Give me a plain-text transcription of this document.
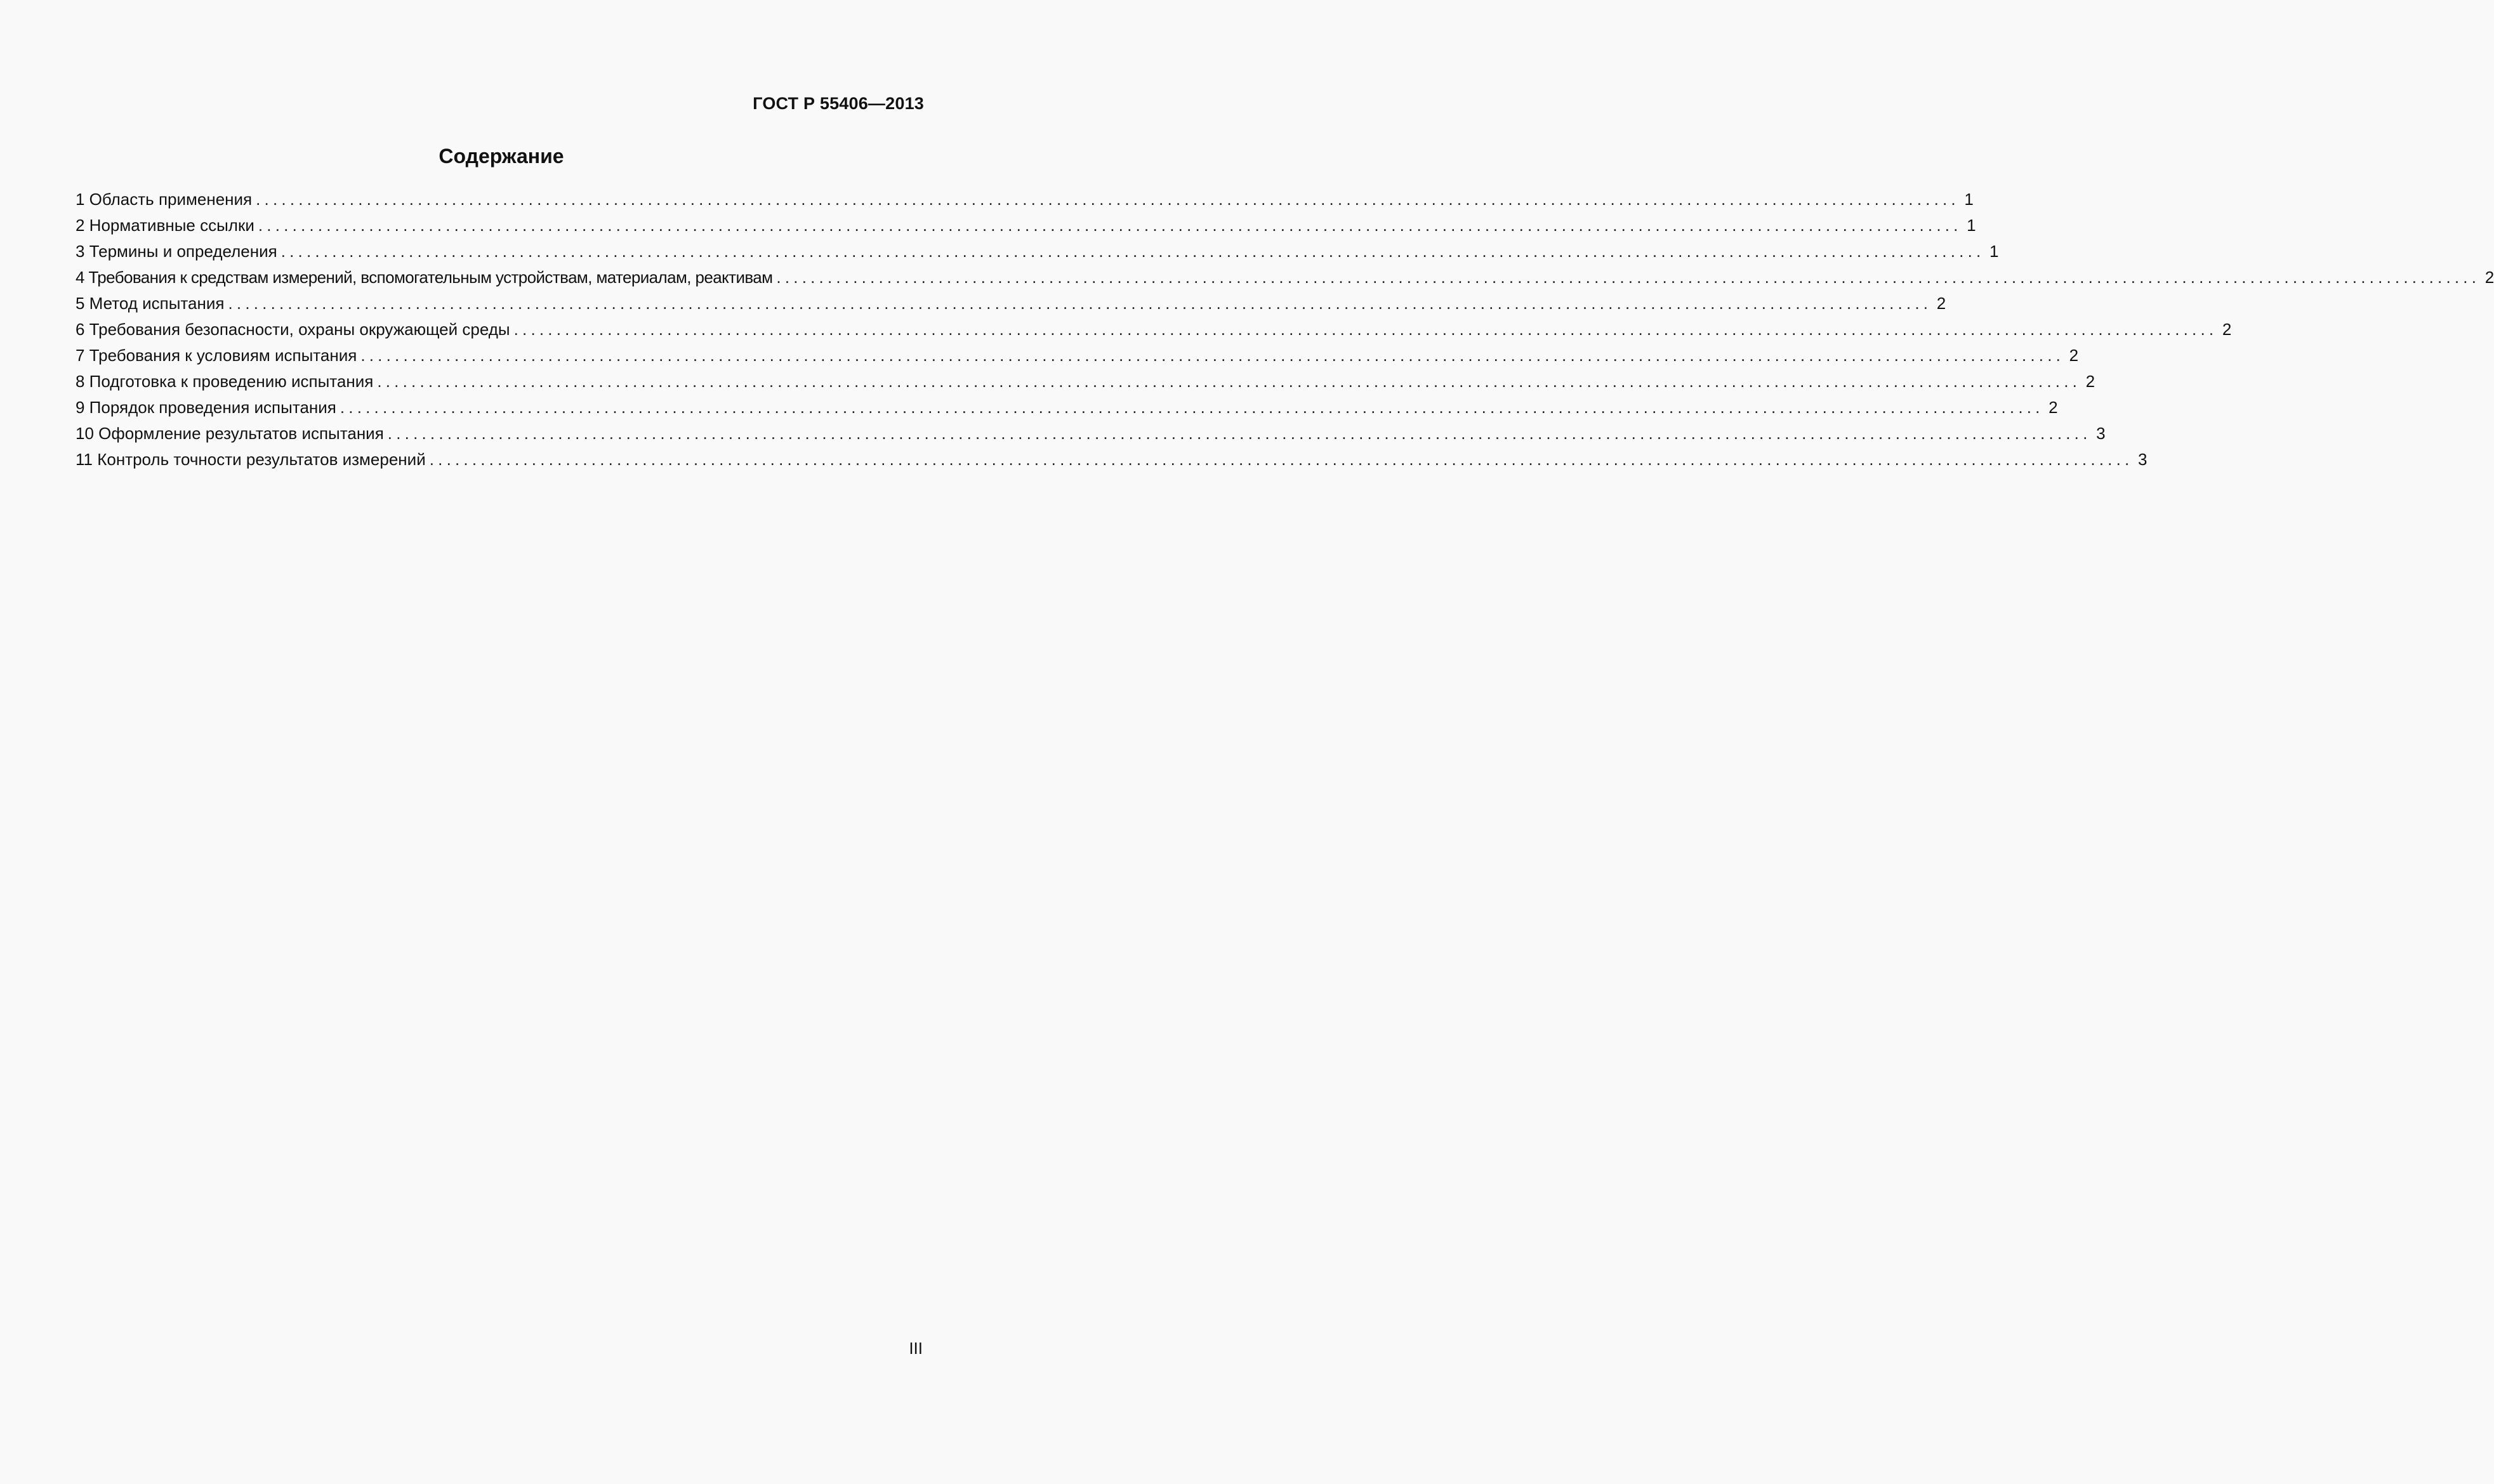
ГОСТ Р 55406—2013
Содержание
1 Область применения ........................................................................................................................................................................................................ 1
2 Нормативные ссылки ........................................................................................................................................................................................................ 1
3 Термины и определения ........................................................................................................................................................................................................ 1
4 Требования к средствам измерений, вспомогательным устройствам, материалам, реактивам ........................................................................................................................................................................................................ 2
5 Метод испытания ........................................................................................................................................................................................................ 2
6 Требования безопасности, охраны окружающей среды ........................................................................................................................................................................................................ 2
7 Требования к условиям испытания ........................................................................................................................................................................................................ 2
8 Подготовка к проведению испытания ........................................................................................................................................................................................................ 2
9 Порядок проведения испытания ........................................................................................................................................................................................................ 2
10 Оформление результатов испытания ........................................................................................................................................................................................................ 3
11 Контроль точности результатов измерений ........................................................................................................................................................................................................ 3
III
